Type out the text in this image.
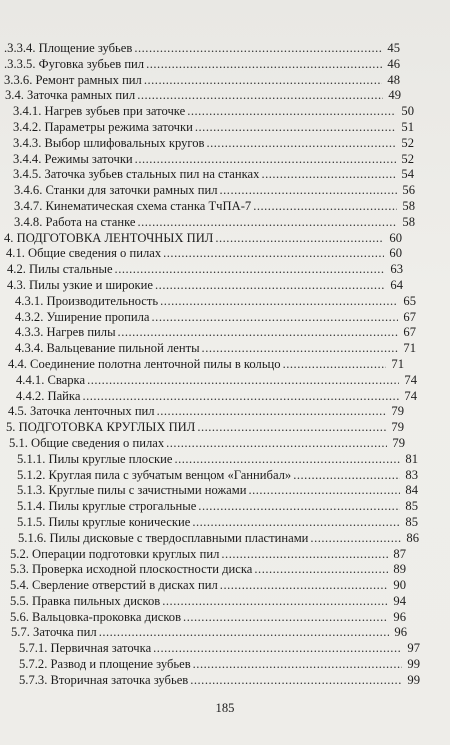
.3.3.4. Площение зубьев .....	45
.3.3.5. Фуговка зубьев пил .....	46
3.3.6. Ремонт рамных пил .....	48
3.4. Заточка рамных пил .....	49
3.4.1. Нагрев зубьев при заточке .....	50
3.4.2. Параметры режима заточки .....	51
3.4.3. Выбор шлифовальных кругов .....	52
3.4.4. Режимы заточки .....	52
3.4.5. Заточка зубьев стальных пил на станках .....	54
3.4.6. Станки для заточки рамных пил .....	56
3.4.7. Кинематическая схема станка ТчПА-7 .....	58
3.4.8. Работа на станке .....	58
4. ПОДГОТОВКА ЛЕНТОЧНЫХ ПИЛ .....	60
4.1. Общие сведения о пилах .....	60
4.2. Пилы стальные .....	63
4.3. Пилы узкие и широкие .....	64
4.3.1. Производительность .....	65
4.3.2. Уширение пропила .....	67
4.3.3. Нагрев пилы .....	67
4.3.4. Вальцевание пильной ленты .....	71
4.4. Соединение полотна ленточной пилы в кольцо .....	71
4.4.1. Сварка .....	74
4.4.2. Пайка .....	74
4.5. Заточка ленточных пил .....	79
5. ПОДГОТОВКА КРУГЛЫХ ПИЛ .....	79
5.1. Общие сведения о пилах .....	79
5.1.1. Пилы круглые плоские .....	81
5.1.2. Круглая пила с зубчатым венцом «Ганнибал» .....	83
5.1.3. Круглые пилы с зачистными ножами .....	84
5.1.4. Пилы круглые строгальные .....	85
5.1.5. Пилы круглые конические .....	85
5.1.6. Пилы дисковые с твердосплавными пластинами .....	86
5.2. Операции подготовки круглых пил .....	87
5.3. Проверка исходной плоскостности диска .....	89
5.4. Сверление отверстий в дисках пил .....	90
5.5. Правка пильных дисков .....	94
5.6. Вальцовка-проковка дисков .....	96
5.7. Заточка пил .....	96
5.7.1. Первичная заточка .....	97
5.7.2. Развод и площение зубьев .....	99
5.7.3. Вторичная заточка зубьев .....	99
185
